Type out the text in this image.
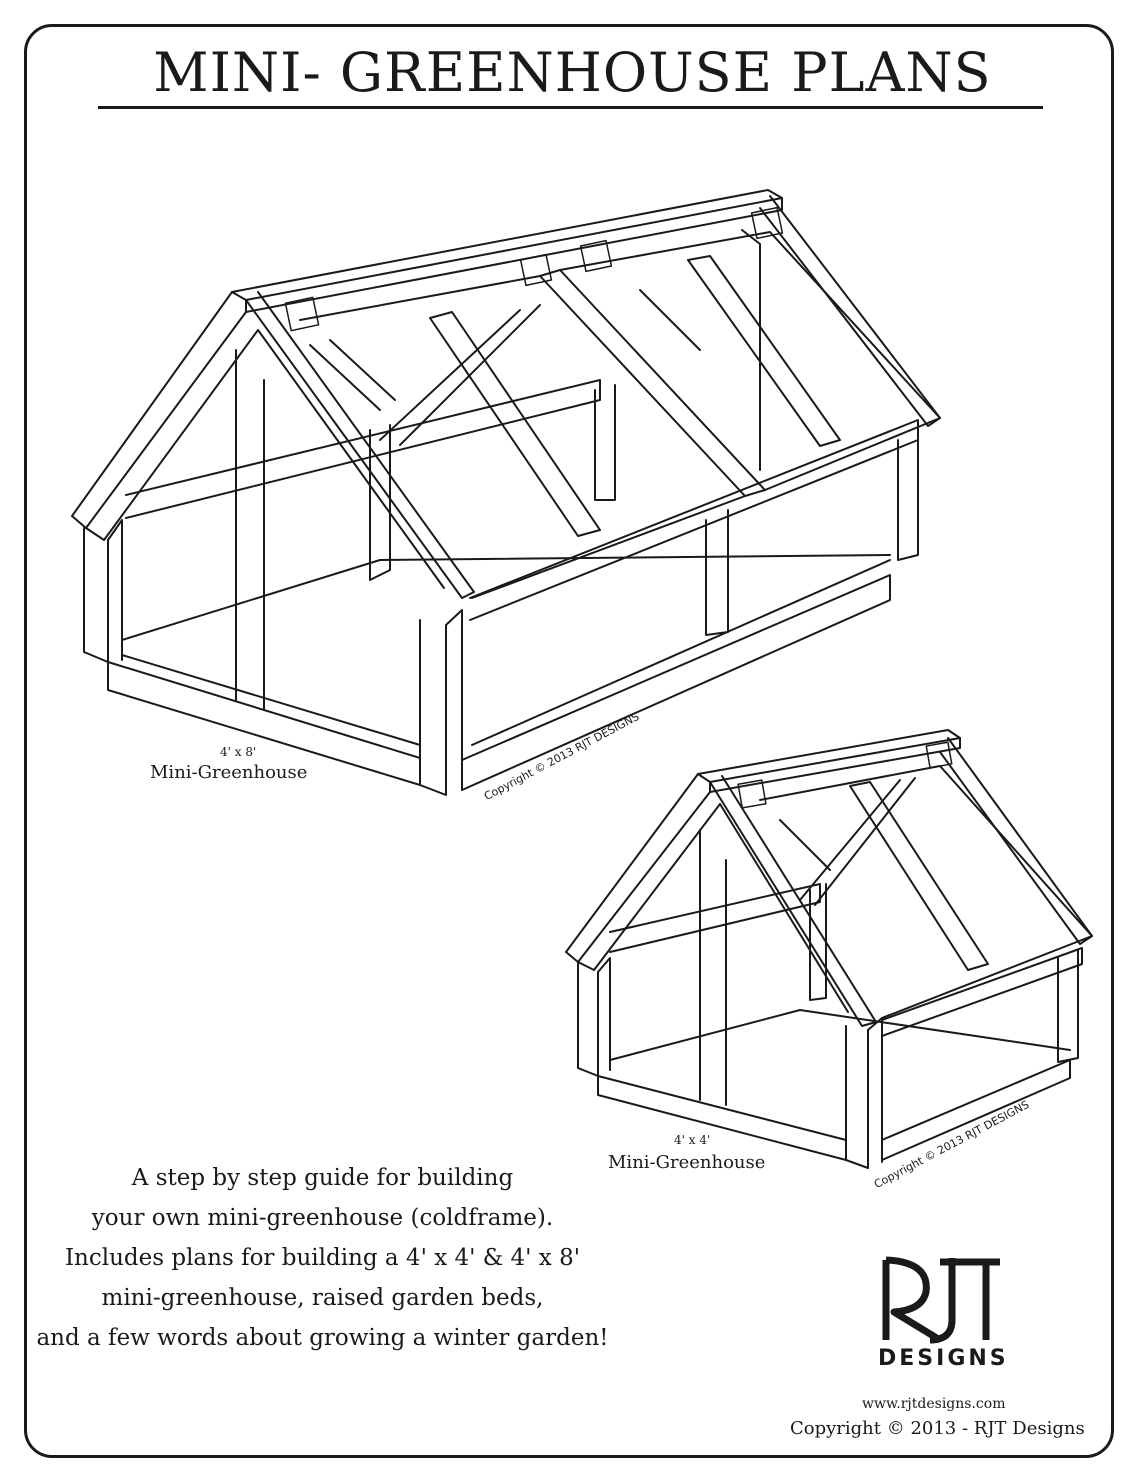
MINI- GREENHOUSE PLANS
4' x 8'
Mini-Greenhouse	Copyright © 2013 RJT DESIGNS
4' x 4'
Mini-Greenhouse	Copyright © 2013 RJT DESIGNS
A step by step guide for building
your own mini-greenhouse (coldframe).
Includes plans for building a 4' x 4' & 4' x 8'
mini-greenhouse, raised garden beds,
and a few words about growing a winter garden!
DESIGNS
www.rjtdesigns.com
Copyright © 2013 - RJT Designs
